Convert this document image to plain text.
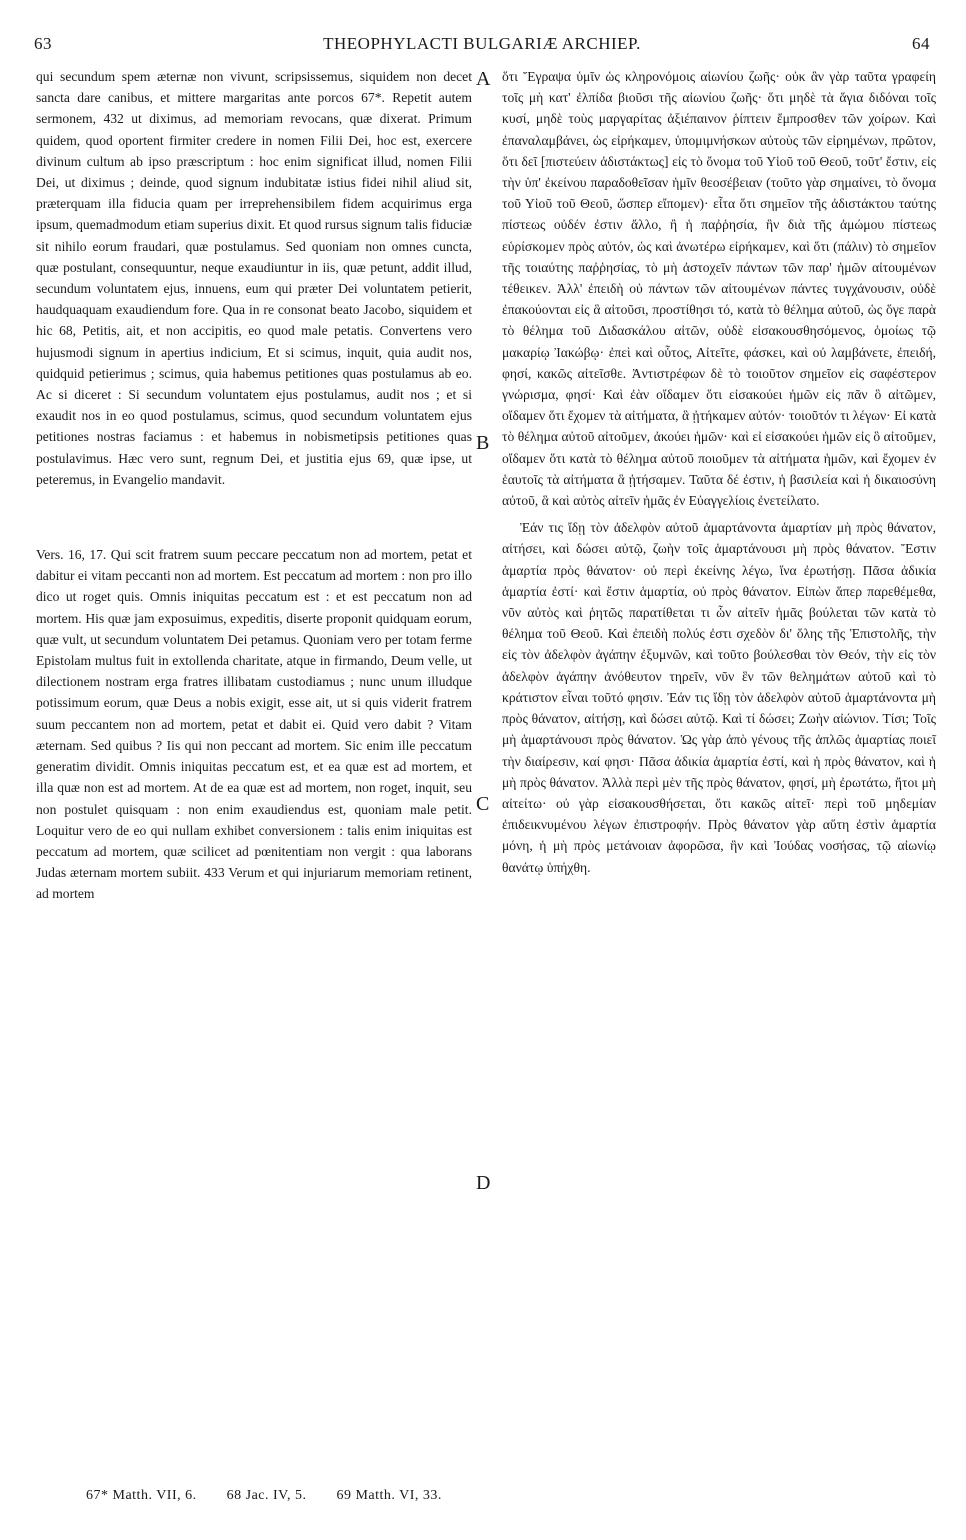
63	THEOPHYLACTI BULGARIÆ ARCHIEP.	64

qui secundum spem æternæ non vivunt, scripsissemus, siquidem non decet sancta dare canibus, et mittere margaritas ante porcos 67*. Repetit autem sermonem, 432 ut diximus, ad memoriam revocans, quæ dixerat. Primum quidem, quod oportent firmiter credere in nomen Filii Dei, hoc est, exercere divinum cultum ab ipso præscriptum : hoc enim significat illud, nomen Filii Dei, ut diximus ; deinde, quod signum indubitatæ istius fidei nihil aliud sit, præterquam illa fiducia quam per irreprehensibilem fidem acquirimus erga ipsum, quemadmodum etiam superius dixit. Et quod rursus signum talis fiduciæ sit nihilo eorum fraudari, quæ postulamus. Sed quoniam non omnes cuncta, quæ postulant, consequuntur, neque exaudiuntur in iis, quæ petunt, addit illud, secundum voluntatem ejus, innuens, eum qui præter Dei voluntatem petierit, haudquaquam exaudiendum fore. Qua in re consonat beato Jacobo, siquidem et hic 68, Petitis, ait, et non accipitis, eo quod male petatis. Convertens vero hujusmodi signum in apertius indicium, Et si scimus, inquit, quia audit nos, quidquid petierimus ; scimus, quia habemus petitiones quas postulamus ab eo. Ac si diceret : Si secundum voluntatem ejus postulamus, audit nos ; et si exaudit nos in eo quod postulamus, scimus, quod secundum voluntatem ejus petitiones nostras faciamus : et habemus in nobismetipsis petitiones quas postulavimus. Hæc vero sunt, regnum Dei, et justitia ejus 69, quæ ipse, ut peteremus, in Evangelio mandavit.

Vers. 16, 17. Qui scit fratrem suum peccare peccatum non ad mortem, petat et dabitur ei vitam peccanti non ad mortem. Est peccatum ad mortem : non pro illo dico ut roget quis. Omnis iniquitas peccatum est : et est peccatum non ad mortem. His quæ jam exposuimus, expeditis, diserte proponit quidquam eorum, quæ vult, ut secundum voluntatem Dei petamus. Quoniam vero per totam ferme Epistolam multus fuit in extollenda charitate, atque in firmando, Deum velle, ut dilectionem nostram erga fratres illibatam custodiamus ; nunc unum illudque potissimum eorum, quæ Deus a nobis exigit, esse ait, ut si quis viderit fratrem suum peccantem non ad mortem, petat et dabit ei. Quid vero dabit ? Vitam æternam. Sed quibus ? Iis qui non peccant ad mortem. Sic enim ille peccatum generatim dividit. Omnis iniquitas peccatum est, et ea quæ est ad mortem, et illa quæ non est ad mortem. At de ea quæ est ad mortem, non roget, inquit, seu non postulet quisquam : non enim exaudiendus est, quoniam male petit. Loquitur vero de eo qui nullam exhibet conversionem : talis enim iniquitas est peccatum ad mortem, quæ scilicet ad pœnitentiam non vergit : qua laborans Judas æternam mortem subiit. 433 Verum et qui injuriarum memoriam retinent, ad mortem

A
B
C
D

ὅτι Ἔγραψα ὑμῖν ὡς κληρονόμοις αἰωνίου ζωῆς· οὐκ ἂν γὰρ ταῦτα γραφείη τοῖς μὴ κατ' ἐλπίδα βιοῦσι τῆς αἰωνίου ζωῆς· ὅτι μηδὲ τὰ ἅγια διδόναι τοῖς κυσί, μηδὲ τοὺς μαργαρίτας ἀξιέπαινον ῥίπτειν ἔμπροσθεν τῶν χοίρων. Καὶ ἐπαναλαμβάνει, ὡς εἰρήκαμεν, ὑπομιμνήσκων αὐτοὺς τῶν εἰρημένων, πρῶτον, ὅτι δεῖ [πιστεύειν ἀδιστάκτως] εἰς τὸ ὄνομα τοῦ Υἱοῦ τοῦ Θεοῦ, τοῦτ' ἔστιν, εἰς τὴν ὑπ' ἐκείνου παραδοθεῖσαν ἡμῖν θεοσέβειαν (τοῦτο γὰρ σημαίνει, τὸ ὄνομα τοῦ Υἱοῦ τοῦ Θεοῦ, ὥσπερ εἴπομεν)· εἶτα ὅτι σημεῖον τῆς ἀδιστάκτου ταύτης πίστεως οὐδέν ἐστιν ἄλλο, ἢ ἡ παῤῥησία, ἣν διὰ τῆς ἀμώμου πίστεως εὑρίσκομεν πρὸς αὐτόν, ὡς καὶ ἀνωτέρω εἰρήκαμεν, καὶ ὅτι (πάλιν) τὸ σημεῖον τῆς τοιαύτης παῤῥησίας, τὸ μὴ ἀστοχεῖν πάντων τῶν παρ' ἡμῶν αἰτουμένων τέθεικεν. Ἀλλ' ἐπειδὴ οὐ πάντων τῶν αἰτουμένων πάντες τυγχάνουσιν, οὐδὲ ἐπακούονται εἰς ἃ αἰτοῦσι, προστίθησι τό, κατὰ τὸ θέλημα αὐτοῦ, ὡς ὅγε παρὰ τὸ θέλημα τοῦ Διδασκάλου αἰτῶν, οὐδὲ εἰσακουσθησόμενος, ὁμοίως τῷ μακαρίῳ Ἰακώβῳ· ἐπεὶ καὶ οὗτος, Αἰτεῖτε, φάσκει, καὶ οὐ λαμβάνετε, ἐπειδή, φησί, κακῶς αἰτεῖσθε. Ἀντιστρέφων δὲ τὸ τοιοῦτον σημεῖον εἰς σαφέστερον γνώρισμα, φησί· Καὶ ἐὰν οἴδαμεν ὅτι εἰσακούει ἡμῶν εἰς πᾶν ὃ αἰτῶμεν, οἴδαμεν ὅτι ἔχομεν τὰ αἰτήματα, ἃ ᾐτήκαμεν αὐτόν· τοιοῦτόν τι λέγων· Εἰ κατὰ τὸ θέλημα αὐτοῦ αἰτοῦμεν, ἀκούει ἡμῶν· καὶ εἰ εἰσακούει ἡμῶν εἰς ὃ αἰτοῦμεν, οἴδαμεν ὅτι κατὰ τὸ θέλημα αὐτοῦ ποιοῦμεν τὰ αἰτήματα ἡμῶν, καὶ ἔχομεν ἐν ἑαυτοῖς τὰ αἰτήματα ἃ ᾐτήσαμεν. Ταῦτα δέ ἐστιν, ἡ βασιλεία καὶ ἡ δικαιοσύνη αὐτοῦ, ἃ καὶ αὐτὸς αἰτεῖν ἡμᾶς ἐν Εὐαγγελίοις ἐνετείλατο.

Ἐάν τις ἴδῃ τὸν ἀδελφὸν αὐτοῦ ἁμαρτάνοντα ἁμαρτίαν μὴ πρὸς θάνατον, αἰτήσει, καὶ δώσει αὐτῷ, ζωὴν τοῖς ἁμαρτάνουσι μὴ πρὸς θάνατον. Ἔστιν ἁμαρτία πρὸς θάνατον· οὐ περὶ ἐκείνης λέγω, ἵνα ἐρωτήσῃ. Πᾶσα ἀδικία ἁμαρτία ἐστί· καὶ ἔστιν ἁμαρτία, οὐ πρὸς θάνατον. Εἰπὼν ἅπερ παρεθέμεθα, νῦν αὐτὸς καὶ ῥητῶς παρατίθεται τι ὧν αἰτεῖν ἡμᾶς βούλεται τῶν κατὰ τὸ θέλημα τοῦ Θεοῦ. Καὶ ἐπειδὴ πολύς ἐστι σχεδὸν δι' ὅλης τῆς Ἐπιστολῆς, τὴν εἰς τὸν ἀδελφὸν ἀγάπην ἐξυμνῶν, καὶ τοῦτο βούλεσθαι τὸν Θεόν, τὴν εἰς τὸν ἀδελφὸν ἀγάπην ἀνόθευτον τηρεῖν, νῦν ἓν τῶν θελημάτων αὐτοῦ καὶ τὸ κράτιστον εἶναι τοῦτό φησιν. Ἐάν τις ἴδῃ τὸν ἀδελφὸν αὐτοῦ ἁμαρτάνοντα μὴ πρὸς θάνατον, αἰτήσῃ, καὶ δώσει αὐτῷ. Καὶ τί δώσει; Ζωὴν αἰώνιον. Τίσι; Τοῖς μὴ ἁμαρτάνουσι πρὸς θάνατον. Ὡς γὰρ ἀπὸ γένους τῆς ἁπλῶς ἁμαρτίας ποιεῖ τὴν διαίρεσιν, καί φησι· Πᾶσα ἀδικία ἁμαρτία ἐστί, καὶ ἡ πρὸς θάνατον, καὶ ἡ μὴ πρὸς θάνατον. Ἀλλὰ περὶ μὲν τῆς πρὸς θάνατον, φησί, μὴ ἐρωτάτω, ἤτοι μὴ αἰτείτω· οὐ γὰρ εἰσακουσθήσεται, ὅτι κακῶς αἰτεῖ· περὶ τοῦ μηδεμίαν ἐπιδεικνυμένου λέγων ἐπιστροφήν. Πρὸς θάνατον γὰρ αὕτη ἐστὶν ἁμαρτία μόνη, ἡ μὴ πρὸς μετάνοιαν ἀφορῶσα, ἣν καὶ Ἰούδας νοσήσας, τῷ αἰωνίῳ θανάτῳ ὑπήχθη.

67* Matth. VII, 6. 68 Jac. IV, 5. 69 Matth. VI, 33.
